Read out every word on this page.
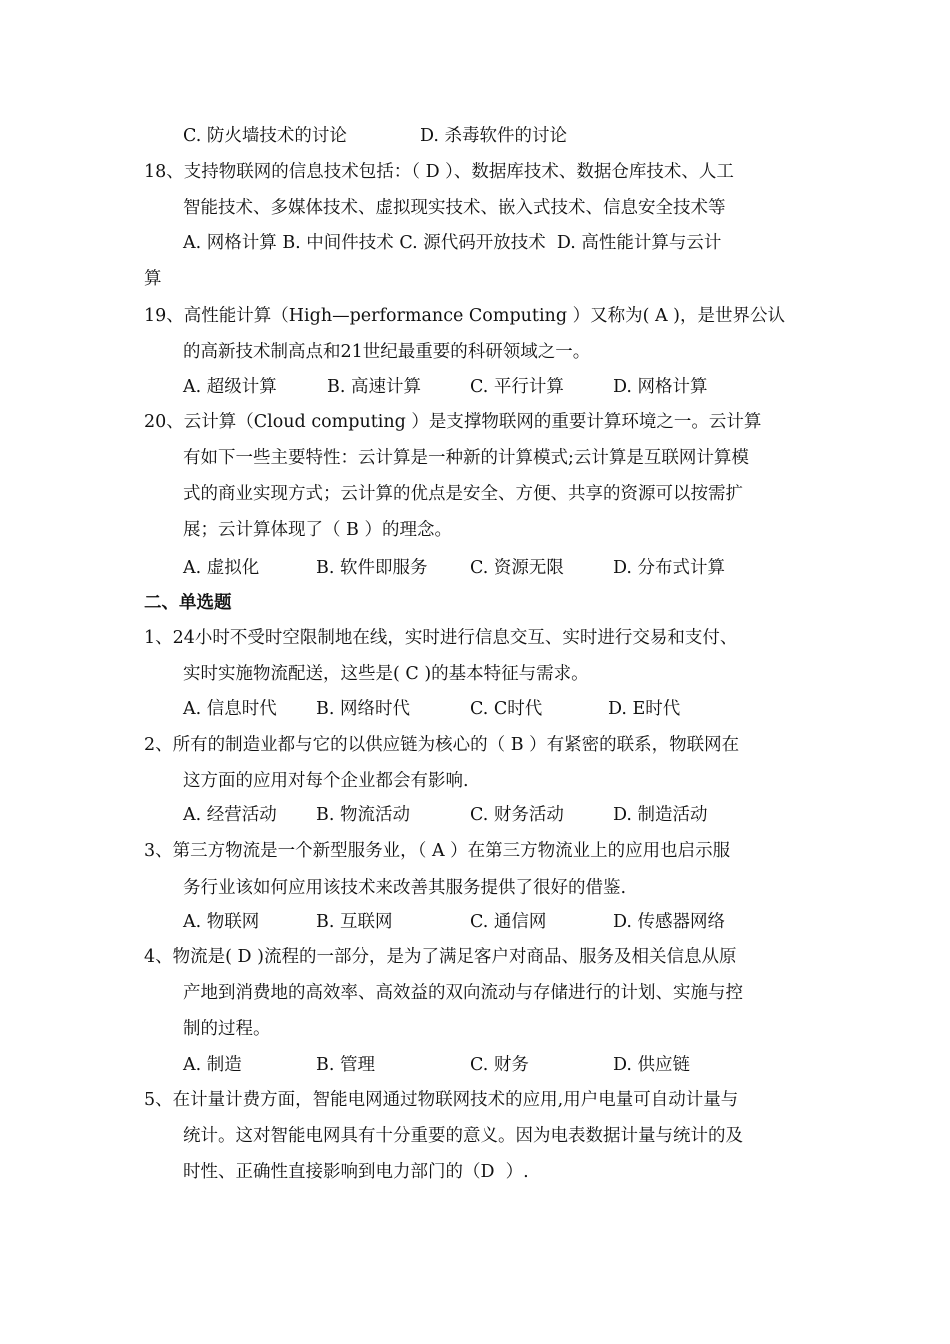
C. 防火墙技术的讨论	D. 杀毒软件的讨论
18、支持物联网的信息技术包括：（ D ）、数据库技术、数据仓库技术、人工
智能技术、多媒体技术、虚拟现实技术、嵌入式技术、信息安全技术等
A. 网格计算 B. 中间件技术 C. 源代码开放技术  D. 高性能计算与云计
算
19、高性能计算（High—performance Computing ）又称为( A )，是世界公认
的高新技术制高点和21世纪最重要的科研领域之一。
A. 超级计算	B. 高速计算	C. 平行计算	D. 网格计算
20、云计算（Cloud computing ）是支撑物联网的重要计算环境之一。云计算
有如下一些主要特性：云计算是一种新的计算模式;云计算是互联网计算模
式的商业实现方式；云计算的优点是安全、方便、共享的资源可以按需扩
展；云计算体现了（ B ）的理念。
A. 虚拟化	B. 软件即服务 C. 资源无限	D. 分布式计算
二、单选题
1、24小时不受时空限制地在线，实时进行信息交互、实时进行交易和支付、
实时实施物流配送，这些是( C )的基本特征与需求。
A. 信息时代 B. 网络时代	C. C时代	D. E时代
2、所有的制造业都与它的以供应链为核心的（ B ）有紧密的联系，物联网在
这方面的应用对每个企业都会有影响.
A. 经营活动 B. 物流活动	C. 财务活动	D. 制造活动
3、第三方物流是一个新型服务业，（ A ）在第三方物流业上的应用也启示服
务行业该如何应用该技术来改善其服务提供了很好的借鉴.
A. 物联网	B. 互联网	C. 通信网	D. 传感器网络
4、物流是( D )流程的一部分，是为了满足客户对商品、服务及相关信息从原
产地到消费地的高效率、高效益的双向流动与存储进行的计划、实施与控
制的过程。
A. 制造	B. 管理	C. 财务	D. 供应链
5、在计量计费方面，智能电网通过物联网技术的应用,用户电量可自动计量与
统计。这对智能电网具有十分重要的意义。因为电表数据计量与统计的及
时性、正确性直接影响到电力部门的（D  ）.
